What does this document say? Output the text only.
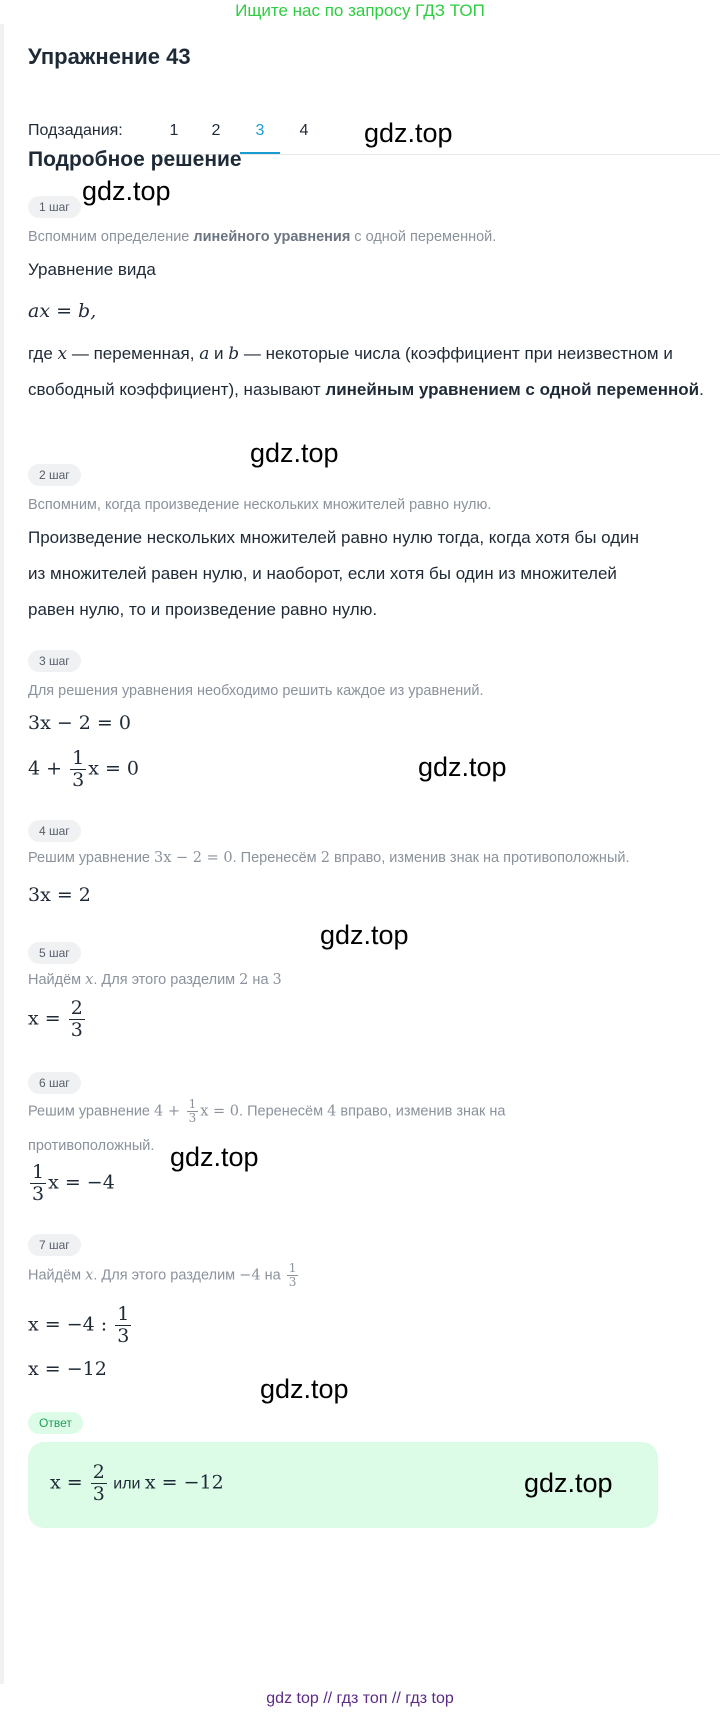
Ищите нас по запросу ГДЗ ТОП
Упражнение 43
Подзадания:	1	2	3	4
Подробное решение
1 шаг
Вспомним определение линейного уравнения с одной переменной.
Уравнение вида
ax = b,
где x — переменная, a и b — некоторые числа (коэффициент при неизвестном и свободный коэффициент), называют линейным уравнением с одной переменной.
2 шаг
Вспомним, когда произведение нескольких множителей равно нулю.
Произведение нескольких множителей равно нулю тогда, когда хотя бы один из множителей равен нулю, и наоборот, если хотя бы один из множителей равен нулю, то и произведение равно нулю.
3 шаг
Для решения уравнения необходимо решить каждое из уравнений.
3x − 2 = 0
$4 + \frac{1}{3}$ x = 0
4 шаг
Решим уравнение 3x − 2 = 0. Перенесём 2 вправо, изменив знак на противоположный.
3x = 2
5 шаг
Найдём x. Для этого разделим 2 на 3
$x = \frac{2}{3}$
6 шаг
Решим уравнение $4 + \frac{1}{3}$ x = 0. Перенесём 4 вправо, изменив знак на
противоположный.
$\frac{1}{3}$ x = −4
7 шаг
Найдём x. Для этого разделим −4 на $\frac{1}{3}$
x = −4 : $\frac{1}{3}$
x = −12
Ответ
$x = \frac{2}{3}$ или x = −12
gdz.top
gdz.top
gdz.top
gdz.top
gdz.top
gdz.top
gdz.top
gdz.top
gdz top // гдз топ // гдз top
